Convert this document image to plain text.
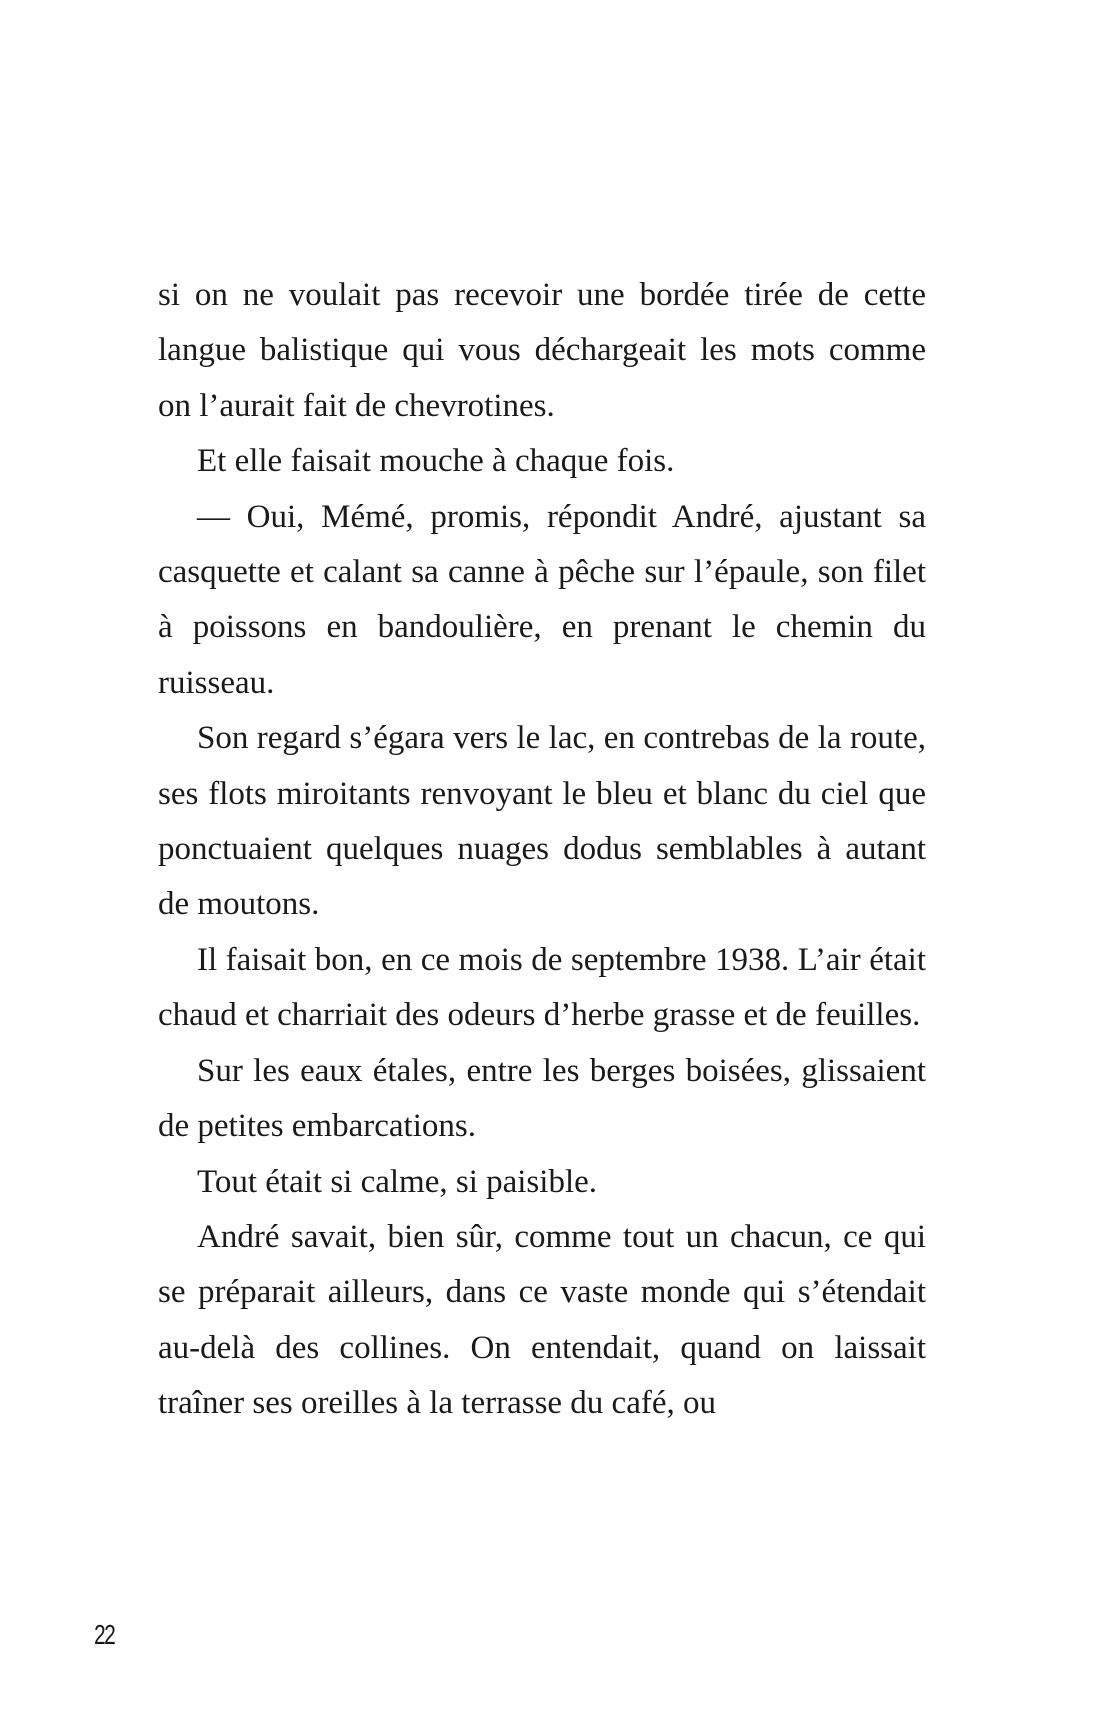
si on ne voulait pas recevoir une bordée tirée de cette langue balistique qui vous déchargeait les mots comme on l’aurait fait de chevrotines.

Et elle faisait mouche à chaque fois.

— Oui, Mémé, promis, répondit André, ajustant sa casquette et calant sa canne à pêche sur l’épaule, son filet à poissons en bandoulière, en prenant le chemin du ruisseau.

Son regard s’égara vers le lac, en contrebas de la route, ses flots miroitants renvoyant le bleu et blanc du ciel que ponctuaient quelques nuages dodus semblables à autant de moutons.

Il faisait bon, en ce mois de septembre 1938. L’air était chaud et charriait des odeurs d’herbe grasse et de feuilles.

Sur les eaux étales, entre les berges boisées, glissaient de petites embarcations.

Tout était si calme, si paisible.

André savait, bien sûr, comme tout un chacun, ce qui se préparait ailleurs, dans ce vaste monde qui s’étendait au-delà des collines. On entendait, quand on laissait traîner ses oreilles à la terrasse du café, ou

22
